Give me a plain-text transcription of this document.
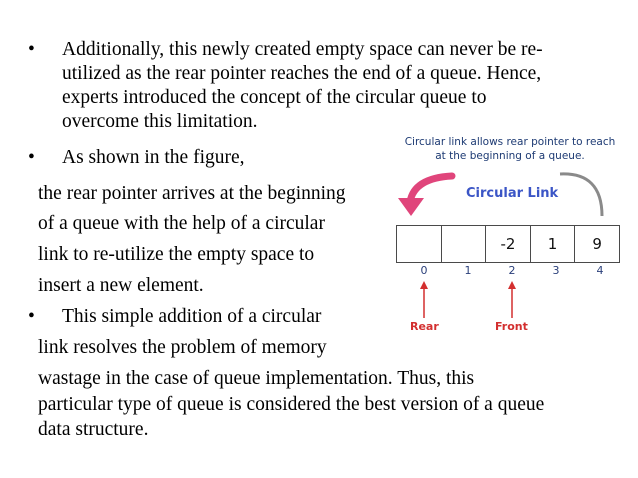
• Additionally, this newly created empty space can never be re-
utilized as the rear pointer reaches the end of a queue. Hence,
experts introduced the concept of the circular queue to
overcome this limitation.
• As shown in the figure,
the rear pointer arrives at the beginning
of a queue with the help of a circular
link to re-utilize the empty space to
insert a new element.
• This simple addition of a circular
link resolves the problem of memory
wastage in the case of queue implementation. Thus, this
particular type of queue is considered the best version of a queue
data structure.
Circular link allows rear pointer to reach
at the beginning of a queue.
Circular Link
-2	1	9
0	1	2	3	4
Rear	Front
